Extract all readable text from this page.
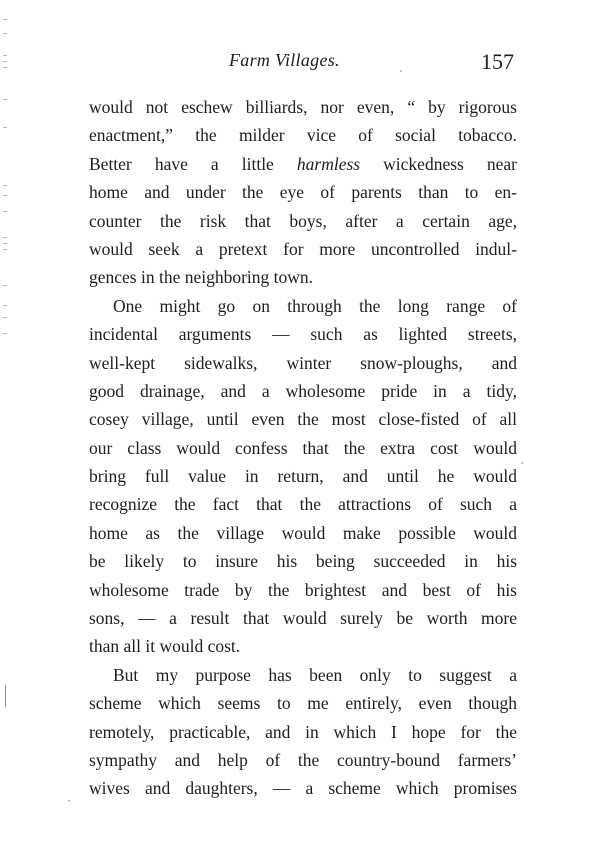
Farm Villages.	157
would not eschew billiards, nor even, “ by rigorous
enactment,” the milder vice of social tobacco.
Better have a little harmless wickedness near
home and under the eye of parents than to en-
counter the risk that boys, after a certain age,
would seek a pretext for more uncontrolled indul-
gences in the neighboring town.
One might go on through the long range of
incidental arguments — such as lighted streets,
well-kept sidewalks, winter snow-ploughs, and
good drainage, and a wholesome pride in a tidy,
cosey village, until even the most close-fisted of all
our class would confess that the extra cost would
bring full value in return, and until he would
recognize the fact that the attractions of such a
home as the village would make possible would
be likely to insure his being succeeded in his
wholesome trade by the brightest and best of his
sons, — a result that would surely be worth more
than all it would cost.
But my purpose has been only to suggest a
scheme which seems to me entirely, even though
remotely, practicable, and in which I hope for the
sympathy and help of the country-bound farmers’
wives and daughters, — a scheme which promises
